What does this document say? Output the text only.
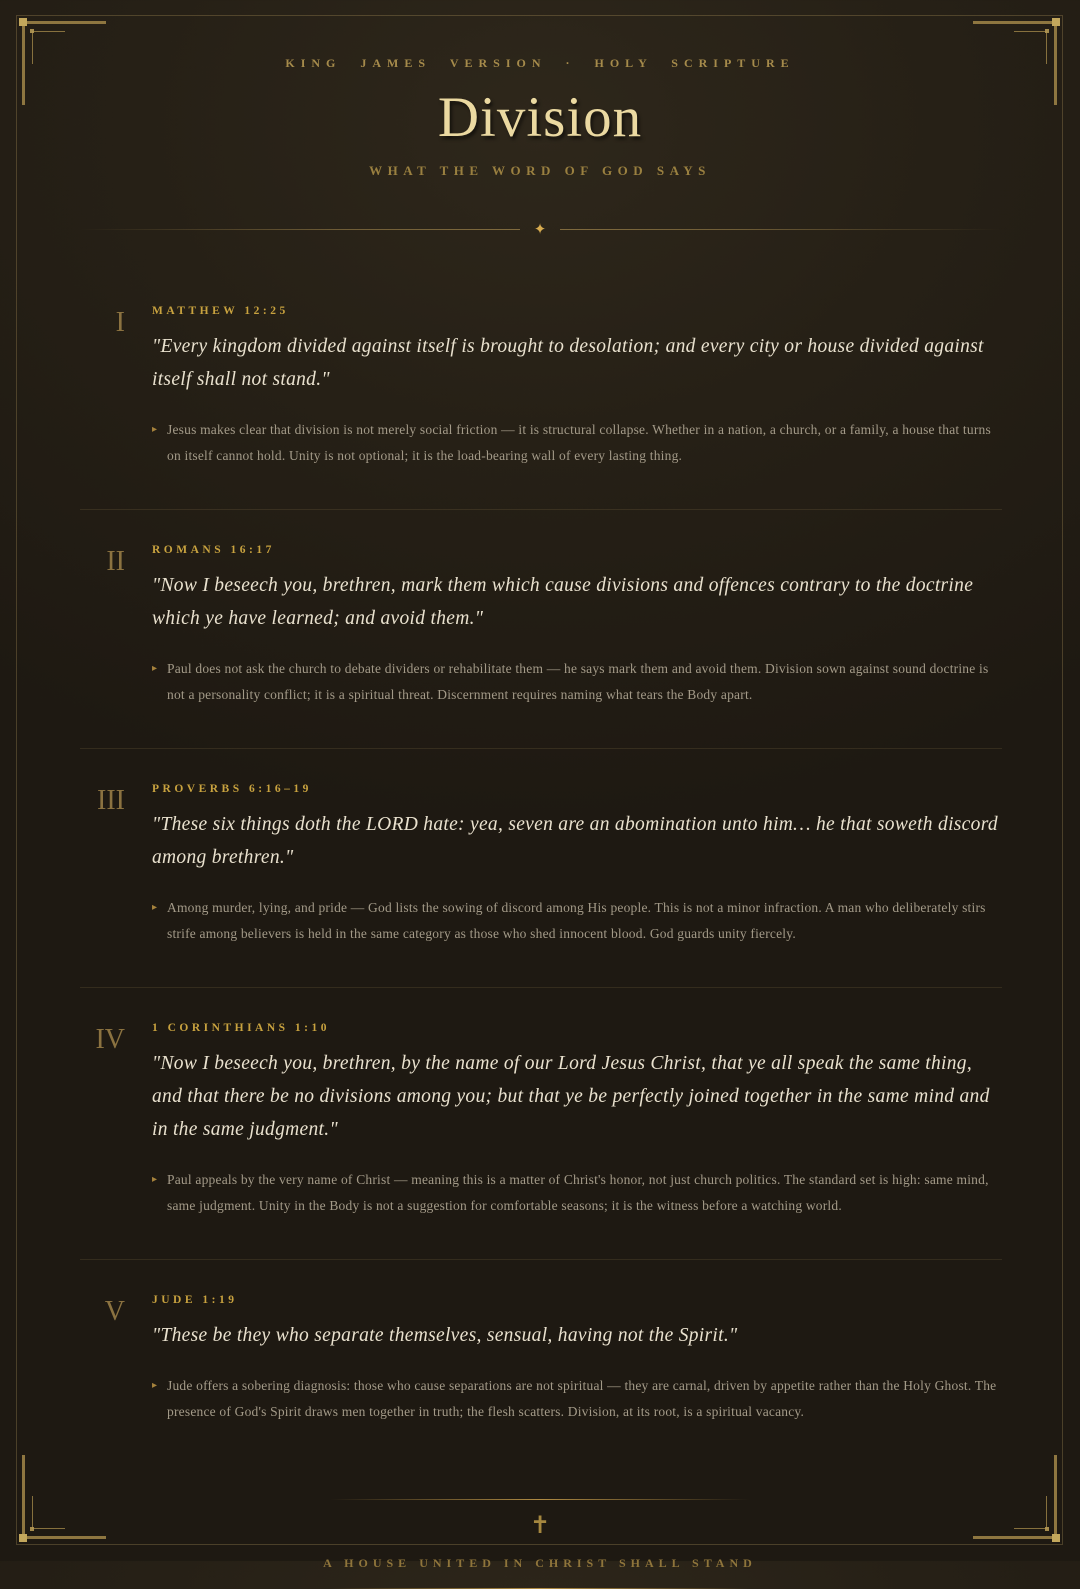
KING JAMES VERSION · HOLY SCRIPTURE
Division
WHAT THE WORD OF GOD SAYS
✦
I	MATTHEW 12:25
"Every kingdom divided against itself is brought to desolation; and every city or house divided against itself shall not stand."
▸ Jesus makes clear that division is not merely social friction — it is structural collapse. Whether in a nation, a church, or a family, a house that turns on itself cannot hold. Unity is not optional; it is the load-bearing wall of every lasting thing.
II	ROMANS 16:17
"Now I beseech you, brethren, mark them which cause divisions and offences contrary to the doctrine which ye have learned; and avoid them."
▸ Paul does not ask the church to debate dividers or rehabilitate them — he says mark them and avoid them. Division sown against sound doctrine is not a personality conflict; it is a spiritual threat. Discernment requires naming what tears the Body apart.
III	PROVERBS 6:16–19
"These six things doth the LORD hate: yea, seven are an abomination unto him… he that soweth discord among brethren."
▸ Among murder, lying, and pride — God lists the sowing of discord among His people. This is not a minor infraction. A man who deliberately stirs strife among believers is held in the same category as those who shed innocent blood. God guards unity fiercely.
IV	1 CORINTHIANS 1:10
"Now I beseech you, brethren, by the name of our Lord Jesus Christ, that ye all speak the same thing, and that there be no divisions among you; but that ye be perfectly joined together in the same mind and in the same judgment."
▸ Paul appeals by the very name of Christ — meaning this is a matter of Christ's honor, not just church politics. The standard set is high: same mind, same judgment. Unity in the Body is not a suggestion for comfortable seasons; it is the witness before a watching world.
V	JUDE 1:19
"These be they who separate themselves, sensual, having not the Spirit."
▸ Jude offers a sobering diagnosis: those who cause separations are not spiritual — they are carnal, driven by appetite rather than the Holy Ghost. The presence of God's Spirit draws men together in truth; the flesh scatters. Division, at its root, is a spiritual vacancy.
✝
A HOUSE UNITED IN CHRIST SHALL STAND
